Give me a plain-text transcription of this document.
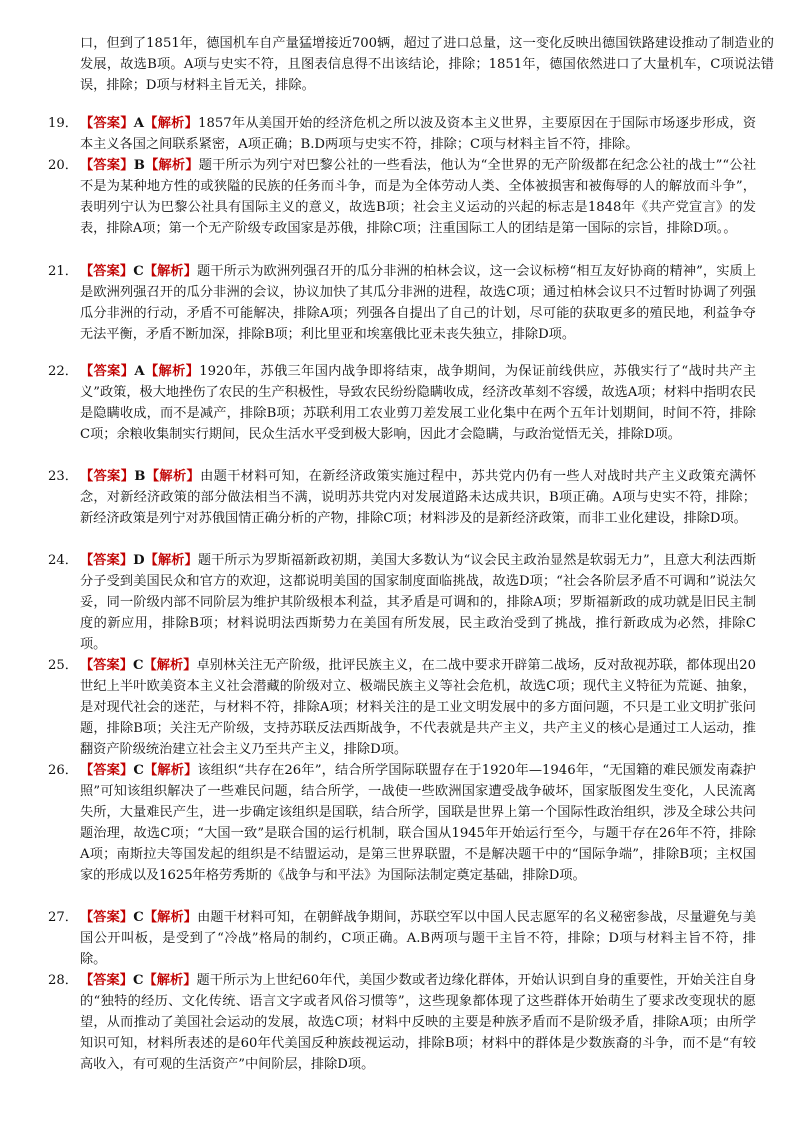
口，但到了1851年，德国机车自产量猛增接近700辆，超过了进口总量，这一变化反映出德国铁路建设推动了制造业的发展，故选B项。A项与史实不符，且图表信息得不出该结论，排除；1851年，德国依然进口了大量机车，C项说法错误，排除；D项与材料主旨无关，排除。
19． 【答案】A【解析】1857年从美国开始的经济危机之所以波及资本主义世界，主要原因在于国际市场逐步形成，资本主义各国之间联系紧密，A项正确；B.D两项与史实不符，排除；C项与材料主旨不符，排除。
20． 【答案】B【解析】题干所示为列宁对巴黎公社的一些看法，他认为“全世界的无产阶级都在纪念公社的战士”“公社不是为某种地方性的或狭隘的民族的任务而斗争，而是为全体劳动人类、全体被损害和被侮辱的人的解放而斗争”，表明列宁认为巴黎公社具有国际主义的意义，故选B项；社会主义运动的兴起的标志是1848年《共产党宣言》的发表，排除A项；第一个无产阶级专政国家是苏俄，排除C项；注重国际工人的团结是第一国际的宗旨，排除D项。。
21． 【答案】C【解析】题干所示为欧洲列强召开的瓜分非洲的柏林会议，这一会议标榜“相互友好协商的精神”，实质上是欧洲列强召开的瓜分非洲的会议，协议加快了其瓜分非洲的进程，故选C项；通过柏林会议只不过暂时协调了列强瓜分非洲的行动，矛盾不可能解决，排除A项；列强各自提出了自己的计划，尽可能的获取更多的殖民地，利益争夺无法平衡，矛盾不断加深，排除B项；利比里亚和埃塞俄比亚未丧失独立，排除D项。
22． 【答案】A【解析】1920年，苏俄三年国内战争即将结束，战争期间，为保证前线供应，苏俄实行了“战时共产主义”政策，极大地挫伤了农民的生产积极性，导致农民纷纷隐瞒收成，经济改革刻不容缓，故选A项；材料中指明农民是隐瞒收成，而不是减产，排除B项；苏联利用工农业剪刀差发展工业化集中在两个五年计划期间，时间不符，排除C项；余粮收集制实行期间，民众生活水平受到极大影响，因此才会隐瞒，与政治觉悟无关，排除D项。
23． 【答案】B【解析】由题干材料可知，在新经济政策实施过程中，苏共党内仍有一些人对战时共产主义政策充满怀念，对新经济政策的部分做法相当不满，说明苏共党内对发展道路未达成共识，B项正确。A项与史实不符，排除；新经济政策是列宁对苏俄国情正确分析的产物，排除C项；材料涉及的是新经济政策，而非工业化建设，排除D项。
24． 【答案】D【解析】题干所示为罗斯福新政初期，美国大多数认为“议会民主政治显然是软弱无力”，且意大利法西斯分子受到美国民众和官方的欢迎，这都说明美国的国家制度面临挑战，故选D项；“社会各阶层矛盾不可调和”说法欠妥，同一阶级内部不同阶层为维护其阶级根本利益，其矛盾是可调和的，排除A项；罗斯福新政的成功就是旧民主制度的新应用，排除B项；材料说明法西斯势力在美国有所发展，民主政治受到了挑战，推行新政成为必然，排除C项。
25． 【答案】C【解析】卓别林关注无产阶级，批评民族主义，在二战中要求开辟第二战场，反对敌视苏联，都体现出20世纪上半叶欧美资本主义社会潜藏的阶级对立、极端民族主义等社会危机，故选C项；现代主义特征为荒诞、抽象，是对现代社会的迷茫，与材料不符，排除A项；材料关注的是工业文明发展中的多方面问题，不只是工业文明扩张问题，排除B项；关注无产阶级，支持苏联反法西斯战争，不代表就是共产主义，共产主义的核心是通过工人运动，推翻资产阶级统治建立社会主义乃至共产主义，排除D项。
26． 【答案】C【解析】该组织“共存在26年”，结合所学国际联盟存在于1920年—1946年，“无国籍的难民颁发南森护照”可知该组织解决了一些难民问题，结合所学，一战使一些欧洲国家遭受战争破坏，国家版图发生变化，人民流离失所，大量难民产生，进一步确定该组织是国联，结合所学，国联是世界上第一个国际性政治组织，涉及全球公共问题治理，故选C项；“大国一致”是联合国的运行机制，联合国从1945年开始运行至今，与题干存在26年不符，排除A项；南斯拉夫等国发起的组织是不结盟运动，是第三世界联盟，不是解决题干中的“国际争端”，排除B项；主权国家的形成以及1625年格劳秀斯的《战争与和平法》为国际法制定奠定基础，排除D项。
27． 【答案】C【解析】由题干材料可知，在朝鲜战争期间，苏联空军以中国人民志愿军的名义秘密参战，尽量避免与美国公开叫板，是受到了“冷战”格局的制约，C项正确。A.B两项与题干主旨不符，排除；D项与材料主旨不符，排除。
28． 【答案】C【解析】题干所示为上世纪60年代，美国少数或者边缘化群体，开始认识到自身的重要性，开始关注自身的“独特的经历、文化传统、语言文字或者风俗习惯等”，这些现象都体现了这些群体开始萌生了要求改变现状的愿望，从而推动了美国社会运动的发展，故选C项；材料中反映的主要是种族矛盾而不是阶级矛盾，排除A项；由所学知识可知，材料所表述的是60年代美国反种族歧视运动，排除B项；材料中的群体是少数族裔的斗争，而不是“有较高收入，有可观的生活资产”中间阶层，排除D项。
